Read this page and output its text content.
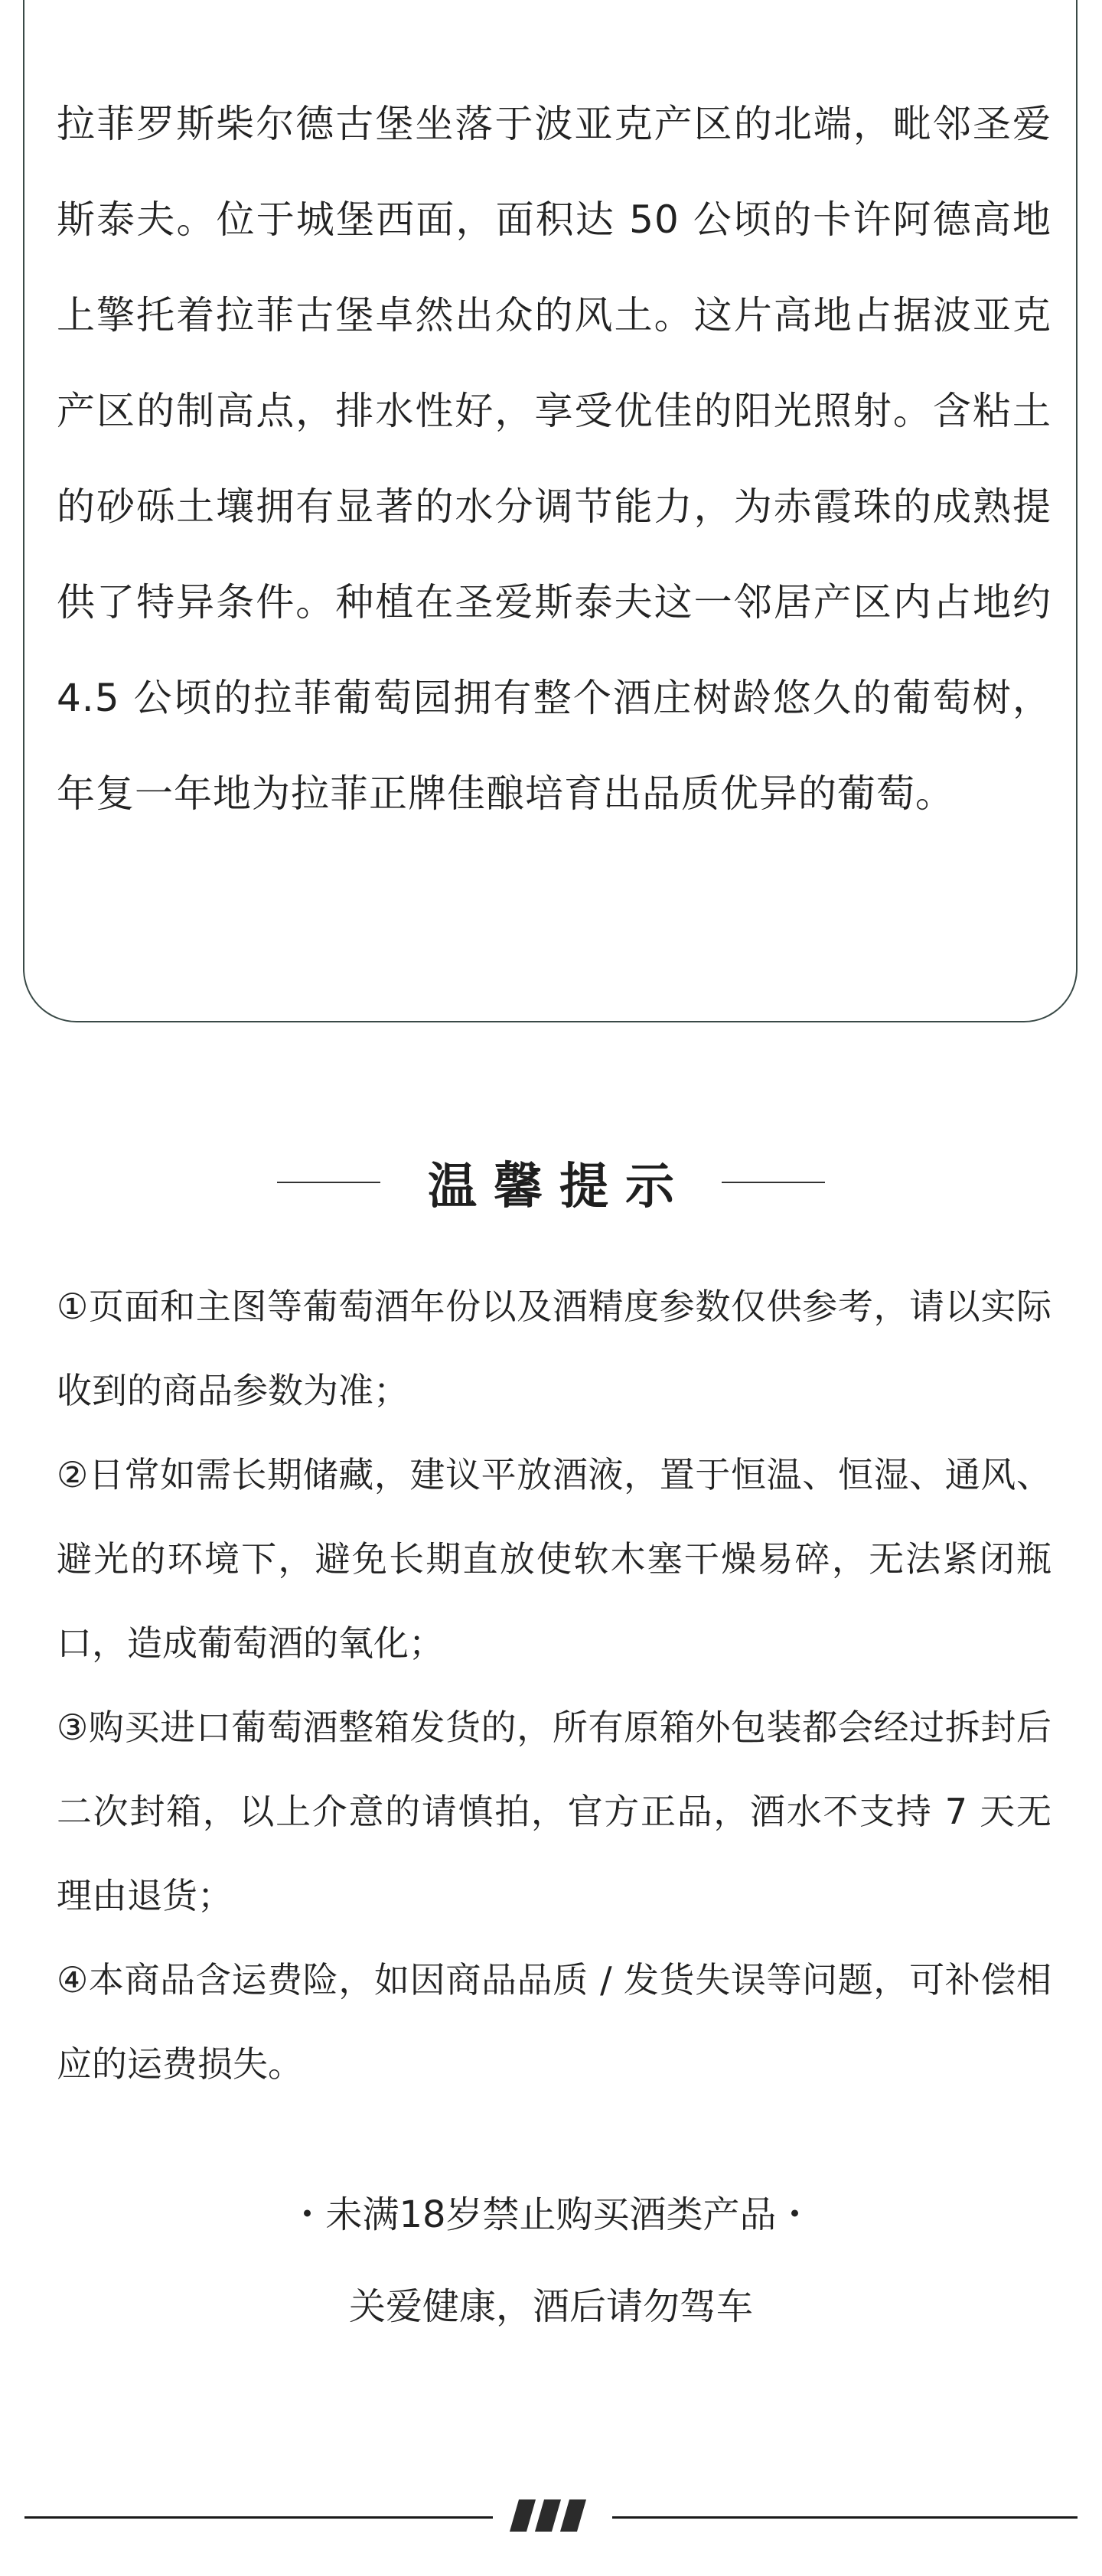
拉菲罗斯柴尔德古堡坐落于波亚克产区的北端，毗邻圣爱斯泰夫。位于城堡西面，面积达 50 公顷的卡许阿德高地上擎托着拉菲古堡卓然出众的风土。这片高地占据波亚克产区的制高点，排水性好，享受优佳的阳光照射。含粘土的砂砾土壤拥有显著的水分调节能力，为赤霞珠的成熟提供了特异条件。种植在圣爱斯泰夫这一邻居产区内占地约 4.5 公顷的拉菲葡萄园拥有整个酒庄树龄悠久的葡萄树，年复一年地为拉菲正牌佳酿培育出品质优异的葡萄。

温馨提示
①页面和主图等葡萄酒年份以及酒精度参数仅供参考，请以实际收到的商品参数为准；
②日常如需长期储藏，建议平放酒液，置于恒温、恒湿、通风、避光的环境下，避免长期直放使软木塞干燥易碎，无法紧闭瓶口，造成葡萄酒的氧化；
③购买进口葡萄酒整箱发货的，所有原箱外包装都会经过拆封后二次封箱，以上介意的请慎拍，官方正品，酒水不支持 7 天无理由退货；
④本商品含运费险，如因商品品质 / 发货失误等问题，可补偿相应的运费损失。
・未满18岁禁止购买酒类产品・
关爱健康，酒后请勿驾车
